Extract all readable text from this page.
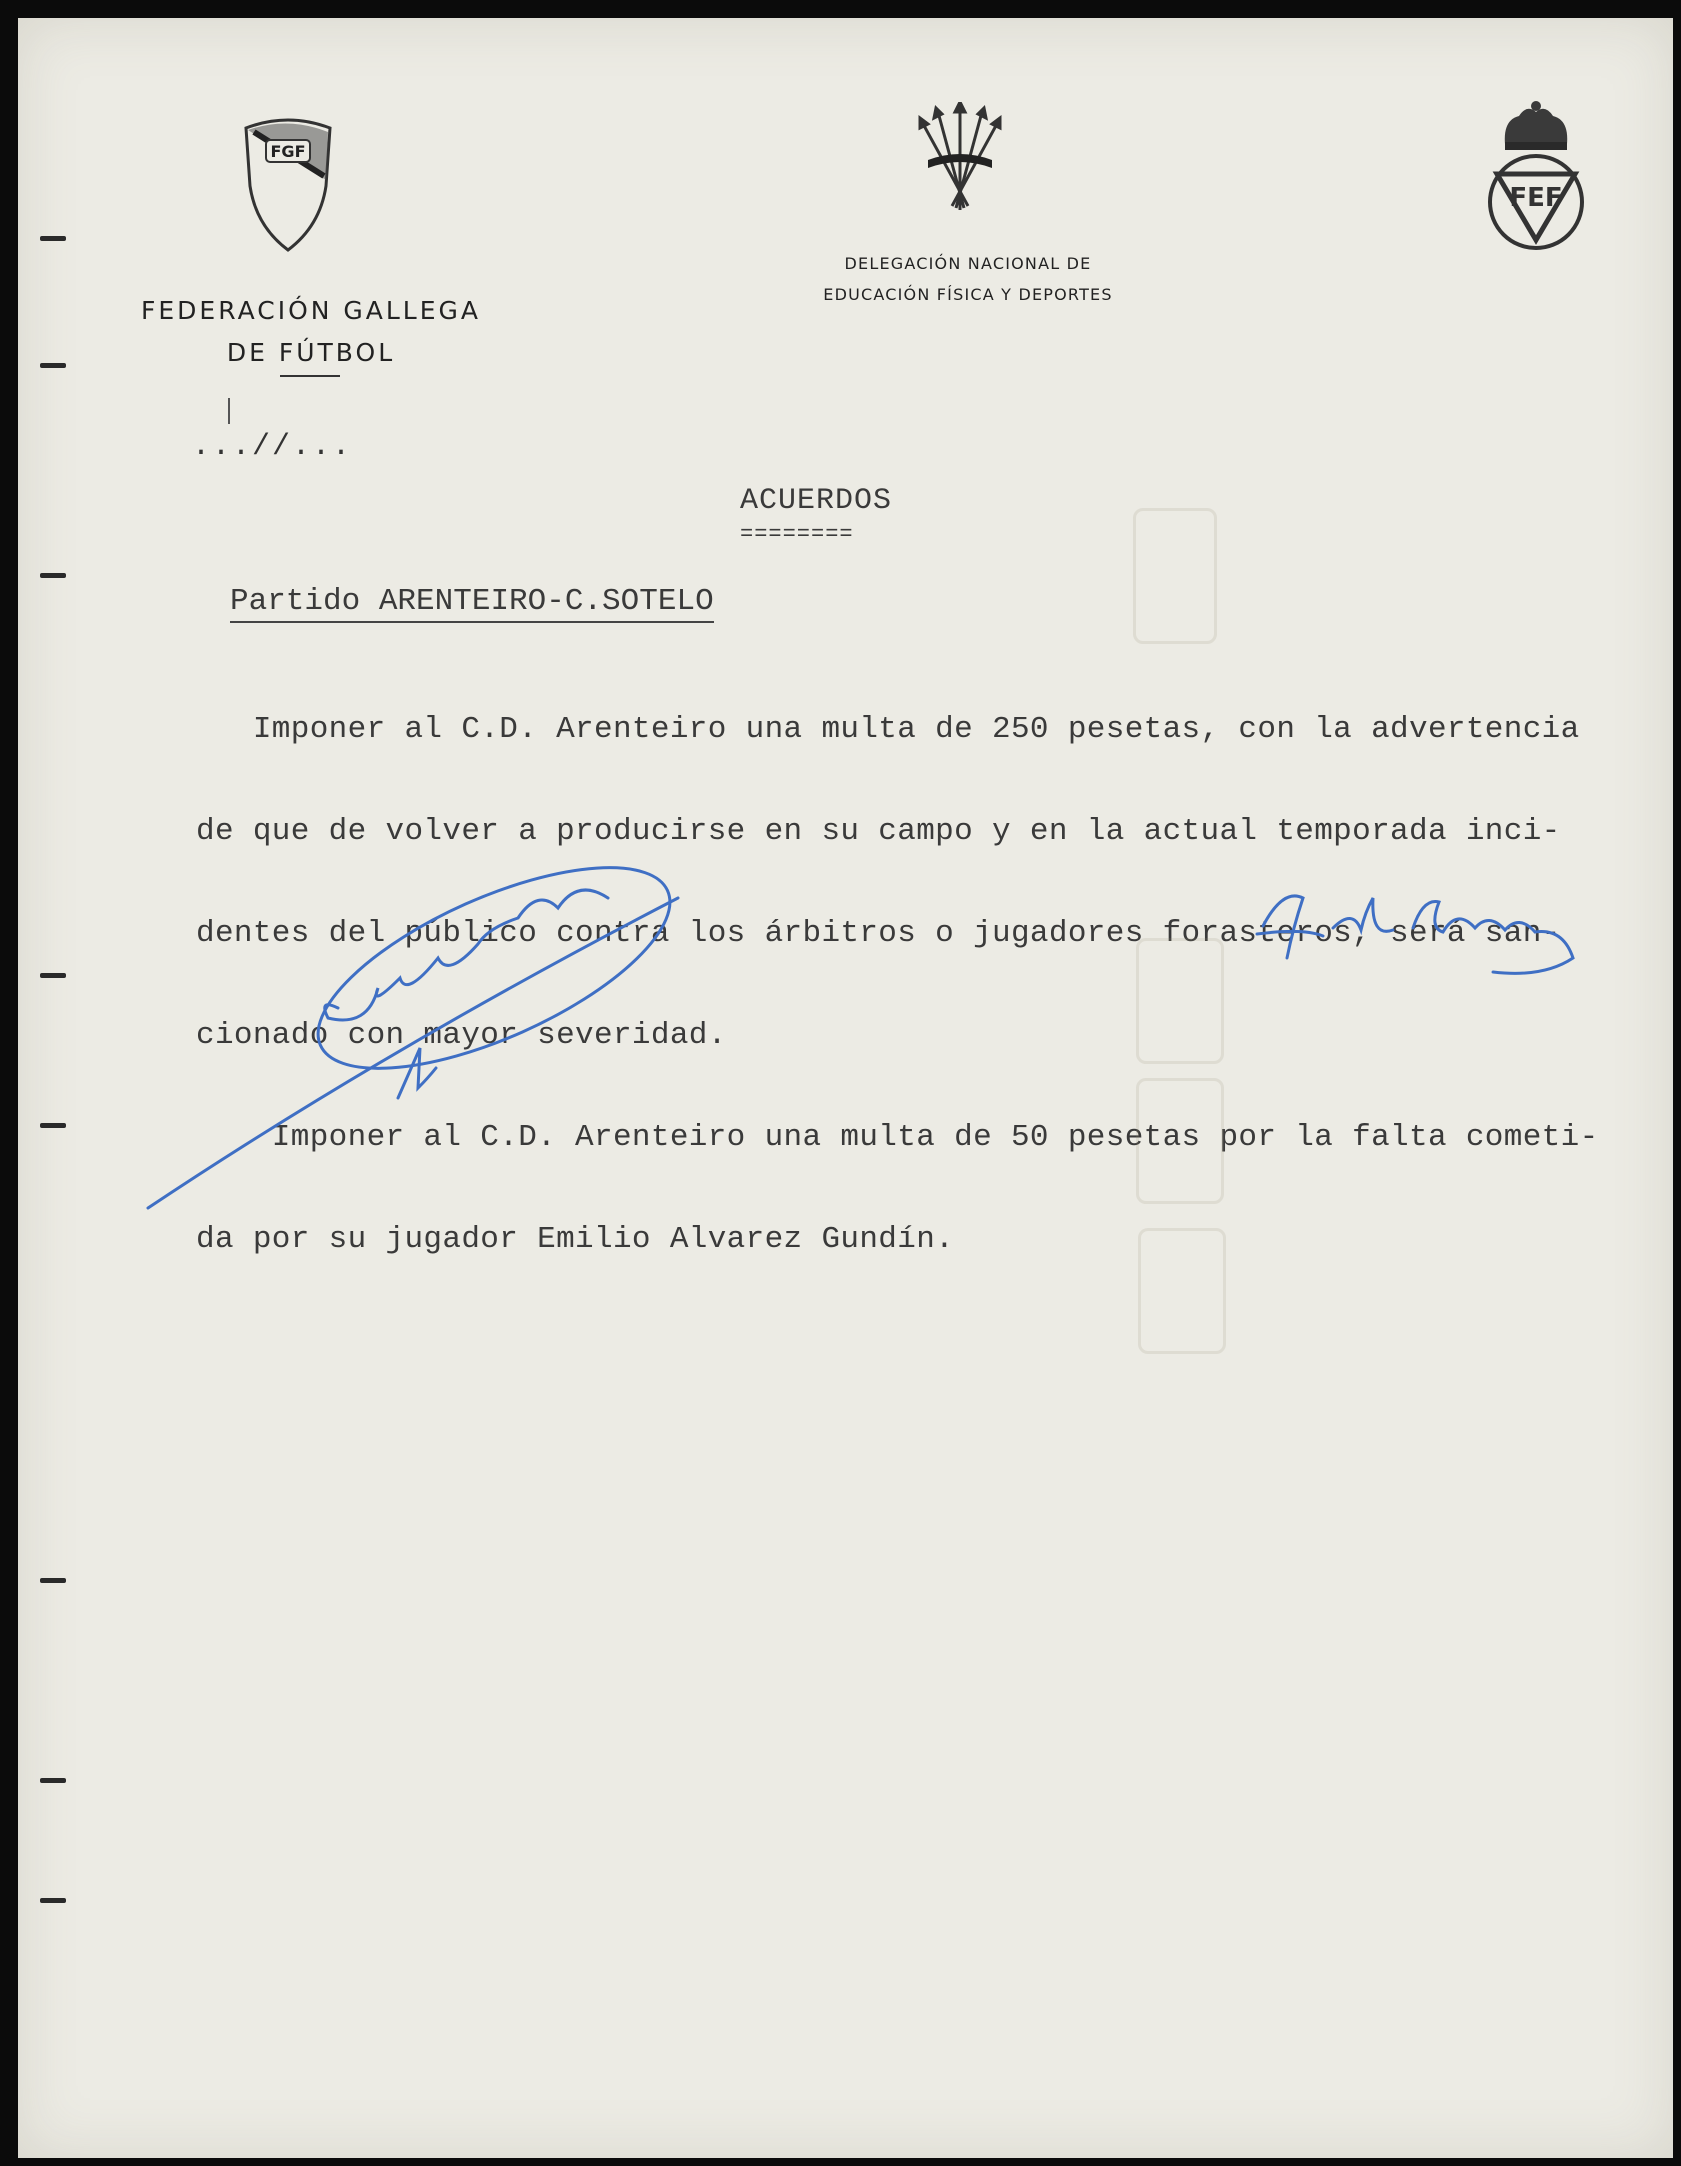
FGF
FEDERACIÓN GALLEGA
DE FÚTBOL
DELEGACIÓN NACIONAL DE
EDUCACIÓN FÍSICA Y DEPORTES
FEF
...//...
ACUERDOS
========
Partido ARENTEIRO-C.SOTELO

Imponer al C.D. Arenteiro una multa de 250 pesetas, con la advertencia

de que de volver a producirse en su campo y en la actual temporada inci-

dentes del público contra los árbitros o jugadores forasteros, será san-

cionado con mayor severidad.

Imponer al C.D. Arenteiro una multa de 50 pesetas por la falta cometi-

da por su jugador Emilio Alvarez Gundín.
